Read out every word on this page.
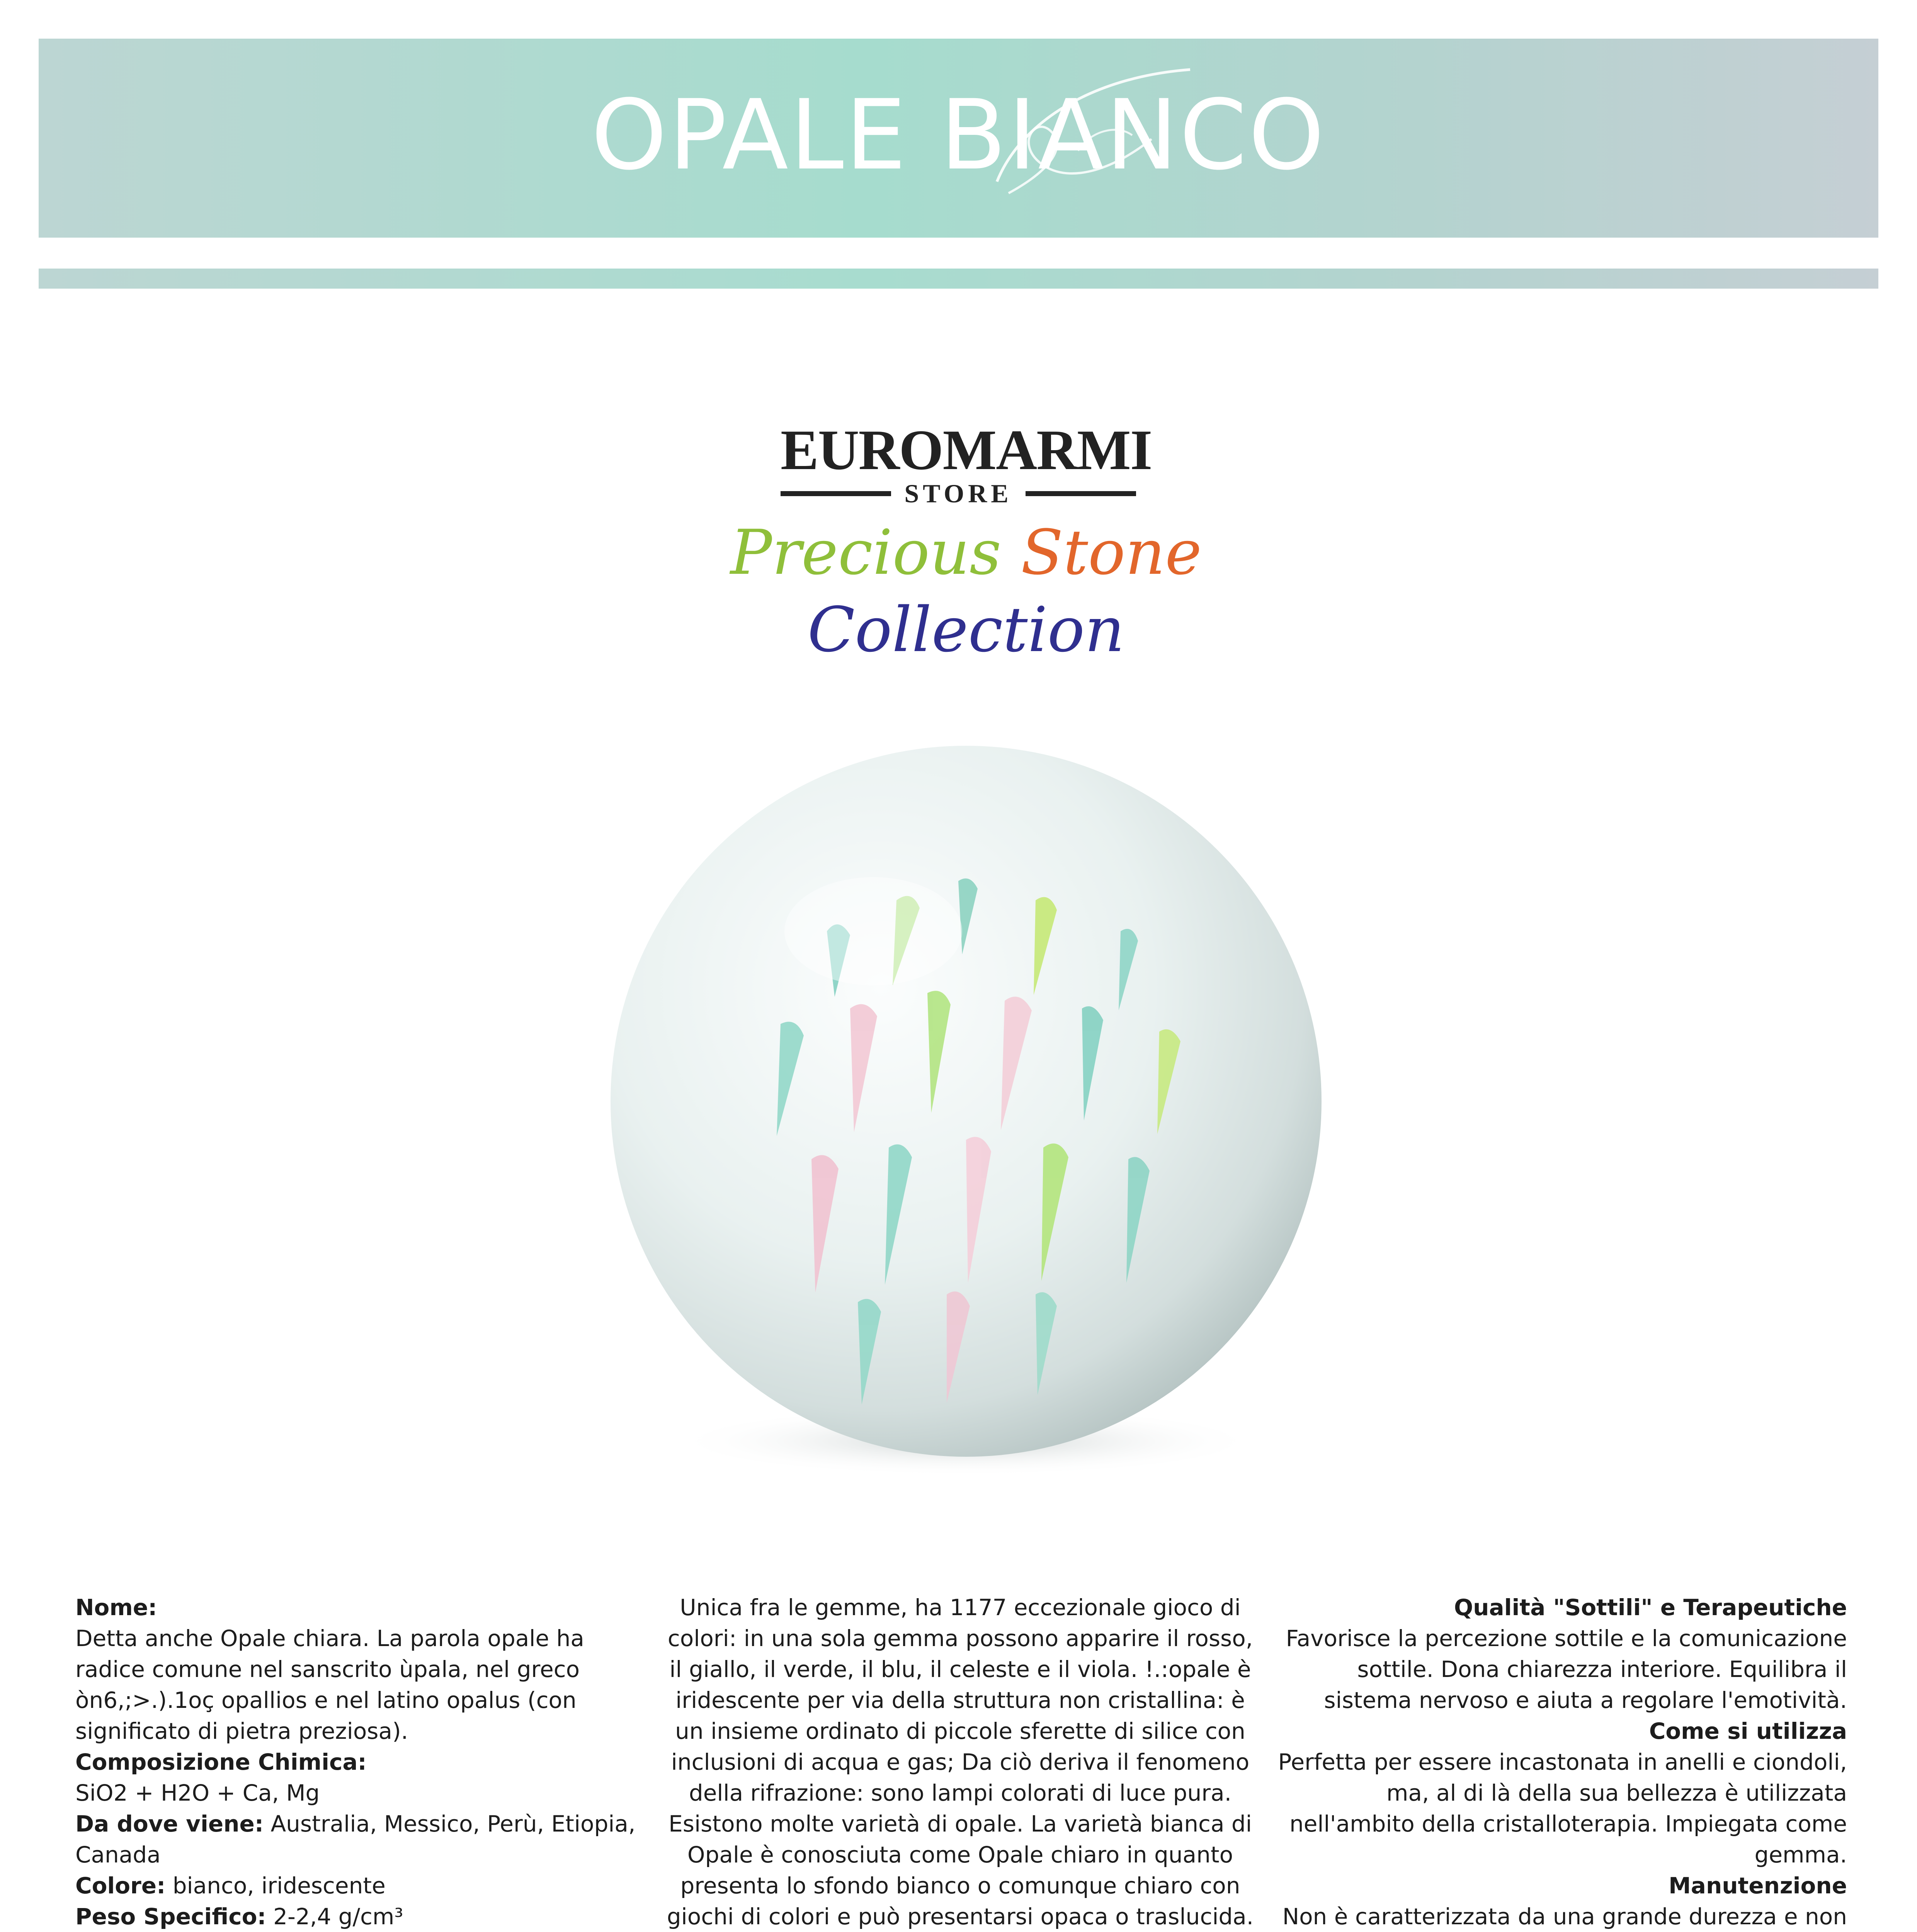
OPALE BIANCO
EUROMARMI
STORE
Precious Stone Collection

Nome:

Detta anche Opale chiara. La parola opale ha radice comune nel sanscrito ùpala, nel greco òn6,;>.).1oç opallios e nel latino opalus (con significato di pietra preziosa).

Composizione Chimica:

SiO2 + H2O + Ca, Mg

Da dove viene: Australia, Messico, Perù, Etiopia, Canada

Colore: bianco, iridescente

Peso Specifico: 2-2,4 g/cm³

Unica fra le gemme, ha 1177 eccezionale gioco di colori: in una sola gemma possono apparire il rosso, il giallo, il verde, il blu, il celeste e il viola. !.:opale è iridescente per via della struttura non cristallina: è un insieme ordinato di piccole sferette di silice con inclusioni di acqua e gas; Da ciò deriva il fenomeno della rifrazione: sono lampi colorati di luce pura. Esistono molte varietà di opale. La varietà bianca di Opale è conosciuta come Opale chiaro in quanto presenta lo sfondo bianco o comunque chiaro con giochi di colori e può presentarsi opaca o traslucida.

Qualità "Sottili" e Terapeutiche

Favorisce la percezione sottile e la comunicazione sottile. Dona chiarezza interiore. Equilibra il sistema nervoso e aiuta a regolare l'emotività.

Come si utilizza

Perfetta per essere incastonata in anelli e ciondoli, ma, al di là della sua bellezza è utilizzata nell'ambito della cristalloterapia. Impiegata come gemma.

Manutenzione

Non è caratterizzata da una grande durezza e non
